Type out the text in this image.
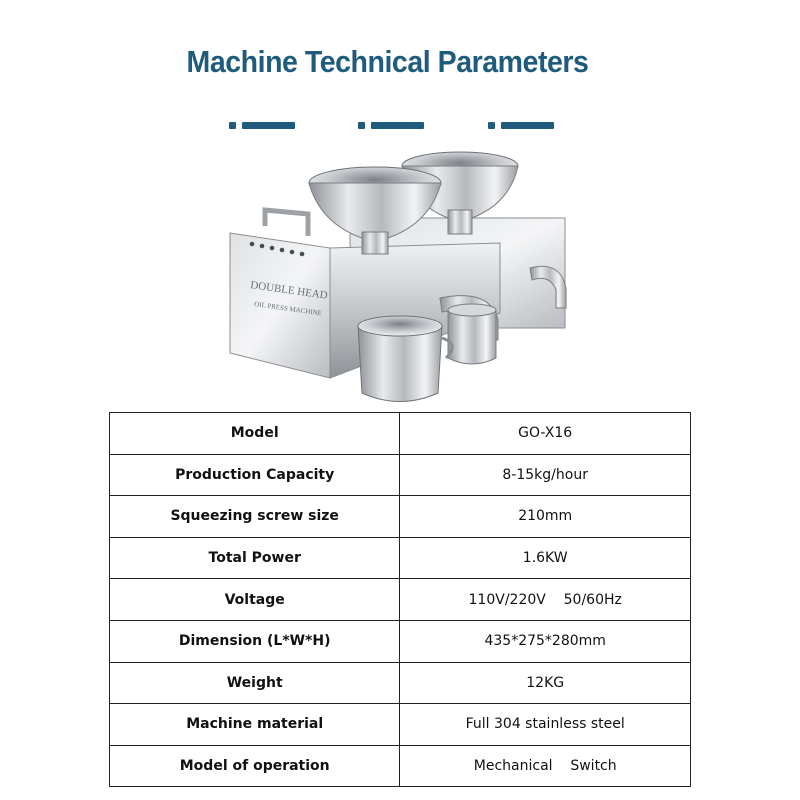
Machine Technical Parameters
DOUBLE HEAD
OIL PRESS MACHINE
Model	GO-X16
Production Capacity	8-15kg/hour
Squeezing screw size	210mm
Total Power	1.6KW
Voltage	110V/220V    50/60Hz
Dimension (L*W*H)	435*275*280mm
Weight	12KG
Machine material	Full 304 stainless steel
Model of operation	Mechanical    Switch
